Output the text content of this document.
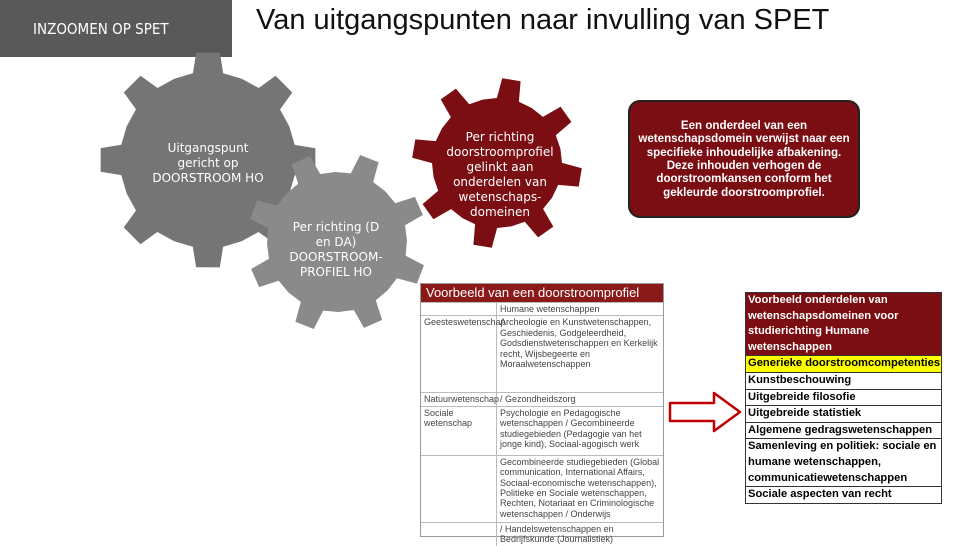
INZOOMEN OP SPET	Van uitgangspunten naar invulling van SPET
Uitgangspunt gericht op DOORSTROOM HO
Per richting (D en DA) DOORSTROOM-PROFIEL HO
Per richting doorstroomprofiel gelinkt aan onderdelen van wetenschaps-domeinen
Een onderdeel van een wetenschapsdomein verwijst naar een specifieke inhoudelijke afbakening. Deze inhouden verhogen de doorstroomkansen conform het gekleurde doorstroomprofiel.
Voorbeeld van een doorstroomprofiel
Humane wetenschappen
Geesteswetenschap
Archeologie en Kunstwetenschappen, Geschiedenis, Godgeleerdheid, Godsdienstwetenschappen en Kerkelijk recht, Wijsbegeerte en Moraalwetenschappen
Natuurwetenschap / Gezondheidszorg
Sociale wetenschap
Psychologie en Pedagogische wetenschappen / Gecombineerde studiegebieden (Pedagogie van het jonge kind), Sociaal-agogisch werk
Gecombineerde studiegebieden (Global communication, International Affairs, Sociaal-economische wetenschappen), Politieke en Sociale wetenschappen, Rechten, Notariaat en Criminologische wetenschappen / Onderwijs
/ Handelswetenschappen en Bedrijfskunde (Journalistiek)
Voorbeeld onderdelen van wetenschapsdomeinen voor studierichting Humane wetenschappen
Generieke doorstroomcompetenties
Kunstbeschouwing
Uitgebreide filosofie
Uitgebreide statistiek
Algemene gedragswetenschappen
Samenleving en politiek: sociale en humane wetenschappen, communicatiewetenschappen
Sociale aspecten van recht
